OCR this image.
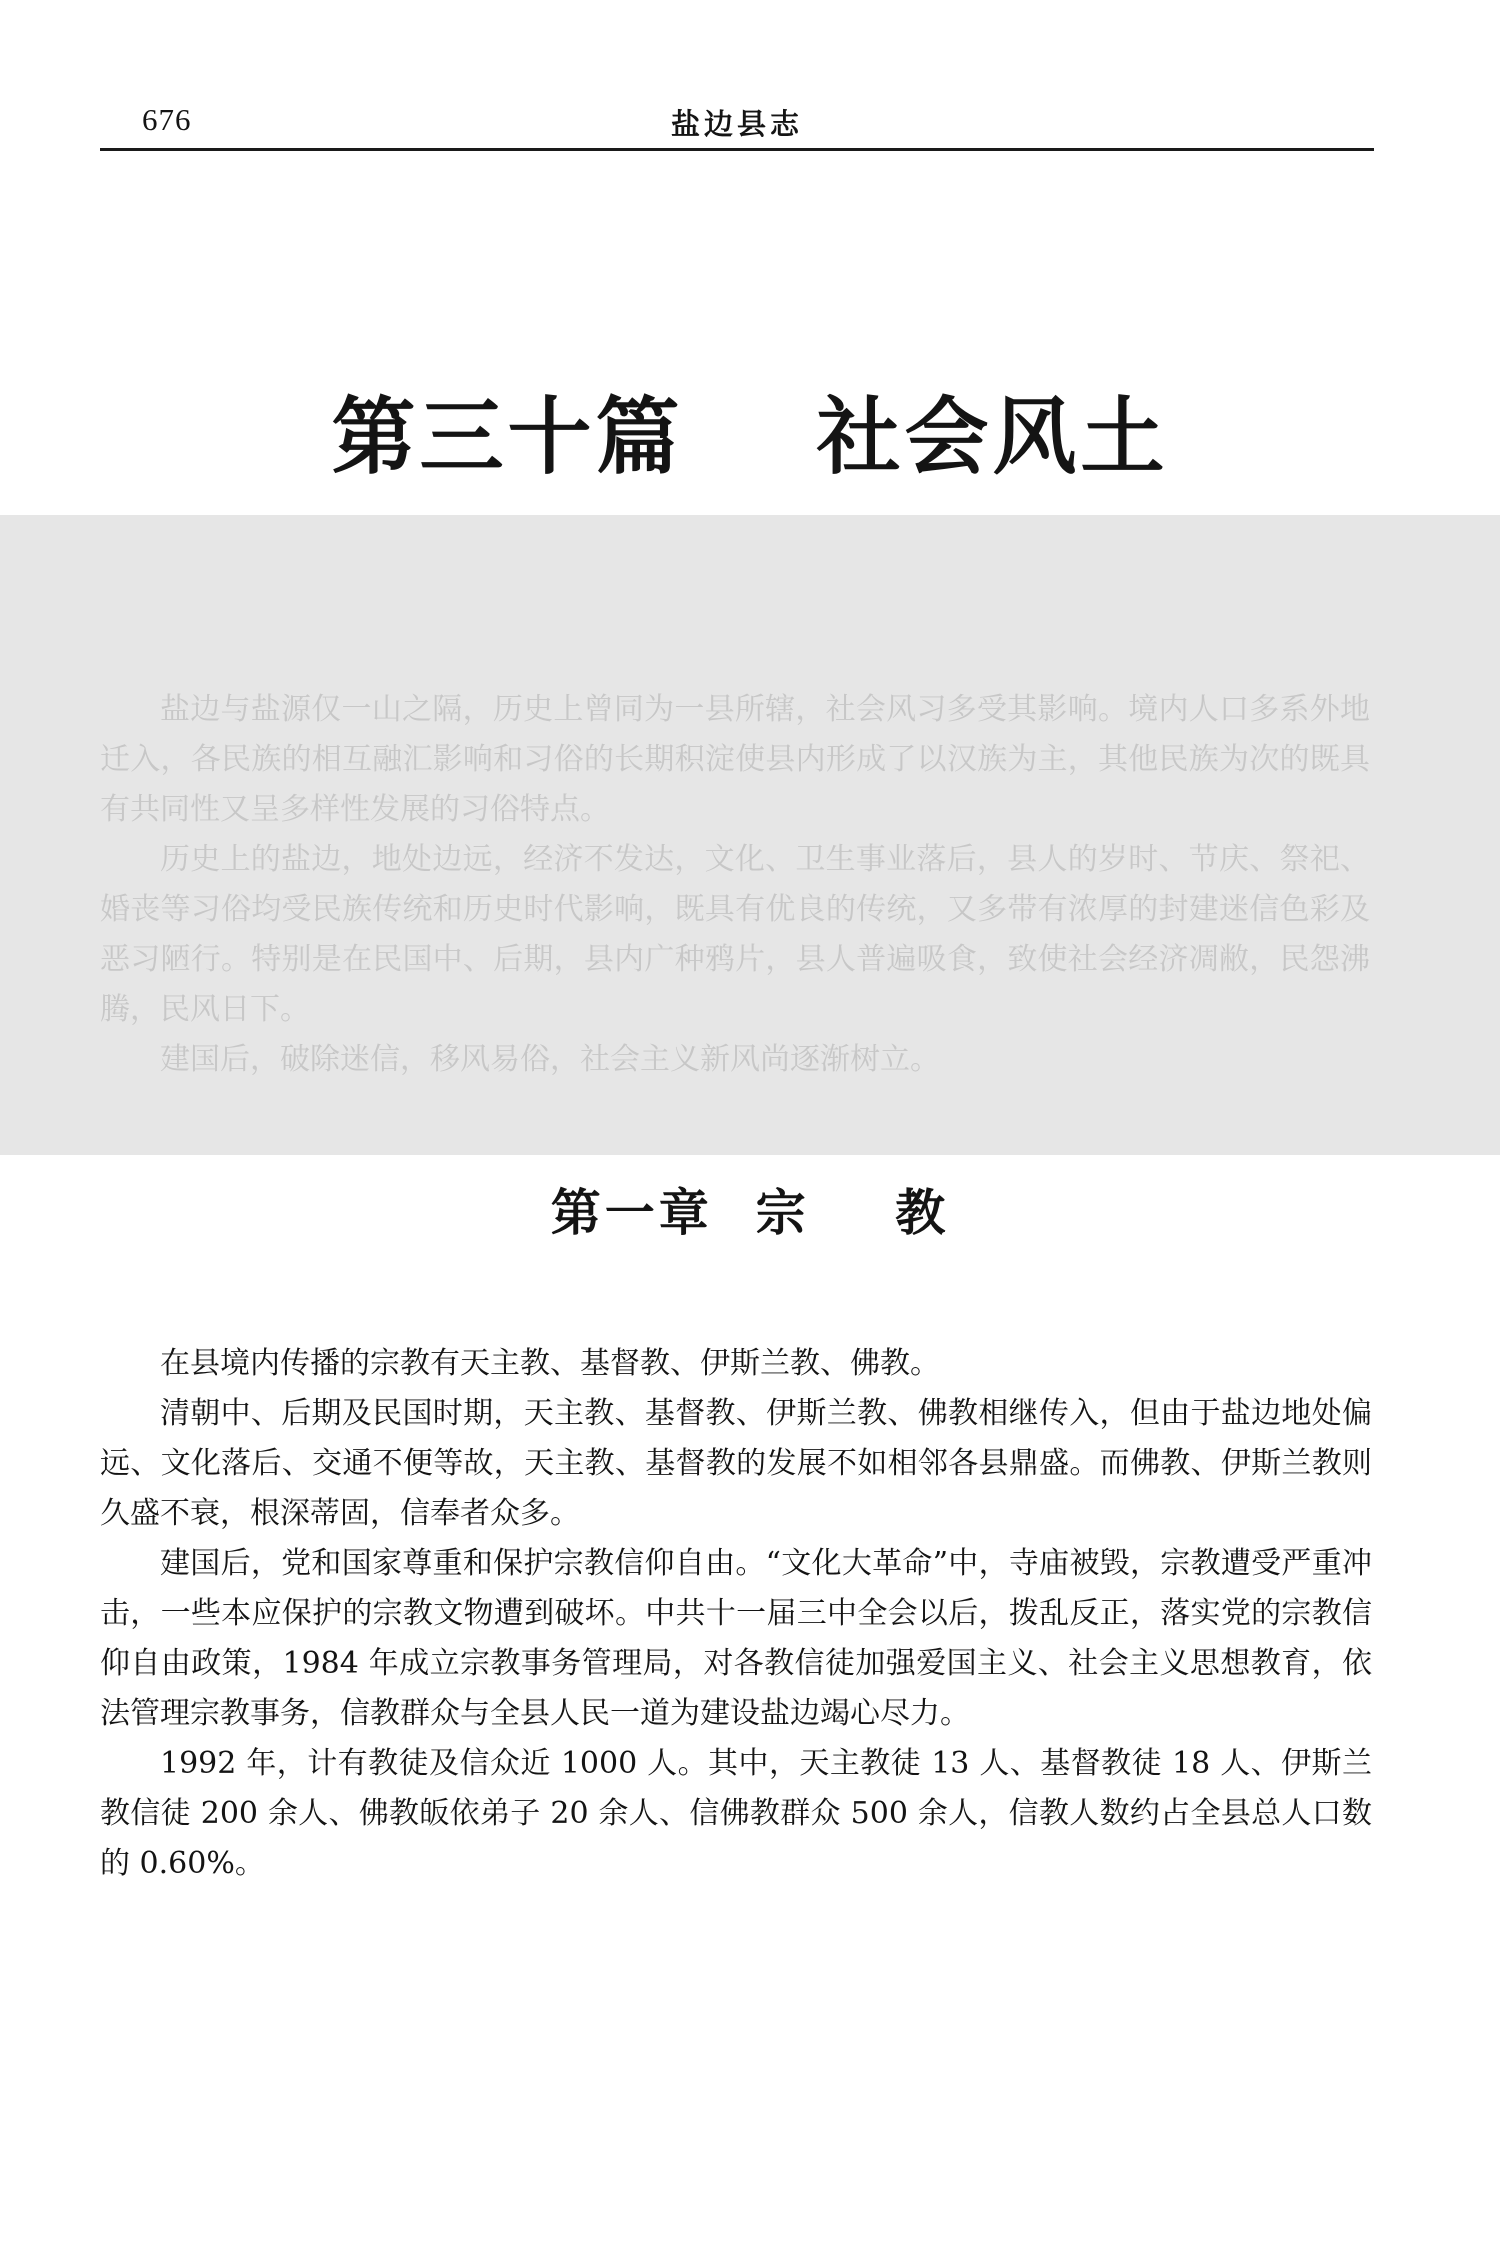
676	盐边县志
第三十篇    社会风土

盐边与盐源仅一山之隔，历史上曾同为一县所辖，社会风习多受其影响。境内人口多系外地迁入，各民族的相互融汇影响和习俗的长期积淀使县内形成了以汉族为主，其他民族为次的既具有共同性又呈多样性发展的习俗特点。

历史上的盐边，地处边远，经济不发达，文化、卫生事业落后，县人的岁时、节庆、祭祀、婚丧等习俗均受民族传统和历史时代影响，既具有优良的传统，又多带有浓厚的封建迷信色彩及恶习陋行。特别是在民国中、后期，县内广种鸦片，县人普遍吸食，致使社会经济凋敝，民怨沸腾，民风日下。

建国后，破除迷信，移风易俗，社会主义新风尚逐渐树立。

第一章  宗    教

在县境内传播的宗教有天主教、基督教、伊斯兰教、佛教。

清朝中、后期及民国时期，天主教、基督教、伊斯兰教、佛教相继传入，但由于盐边地处偏远、文化落后、交通不便等故，天主教、基督教的发展不如相邻各县鼎盛。而佛教、伊斯兰教则久盛不衰，根深蒂固，信奉者众多。

建国后，党和国家尊重和保护宗教信仰自由。“文化大革命”中，寺庙被毁，宗教遭受严重冲击，一些本应保护的宗教文物遭到破坏。中共十一届三中全会以后，拨乱反正，落实党的宗教信仰自由政策，1984 年成立宗教事务管理局，对各教信徒加强爱国主义、社会主义思想教育，依法管理宗教事务，信教群众与全县人民一道为建设盐边竭心尽力。

1992 年，计有教徒及信众近 1000 人。其中，天主教徒 13 人、基督教徒 18 人、伊斯兰教信徒 200 余人、佛教皈依弟子 20 余人、信佛教群众 500 余人，信教人数约占全县总人口数的 0.60%。
